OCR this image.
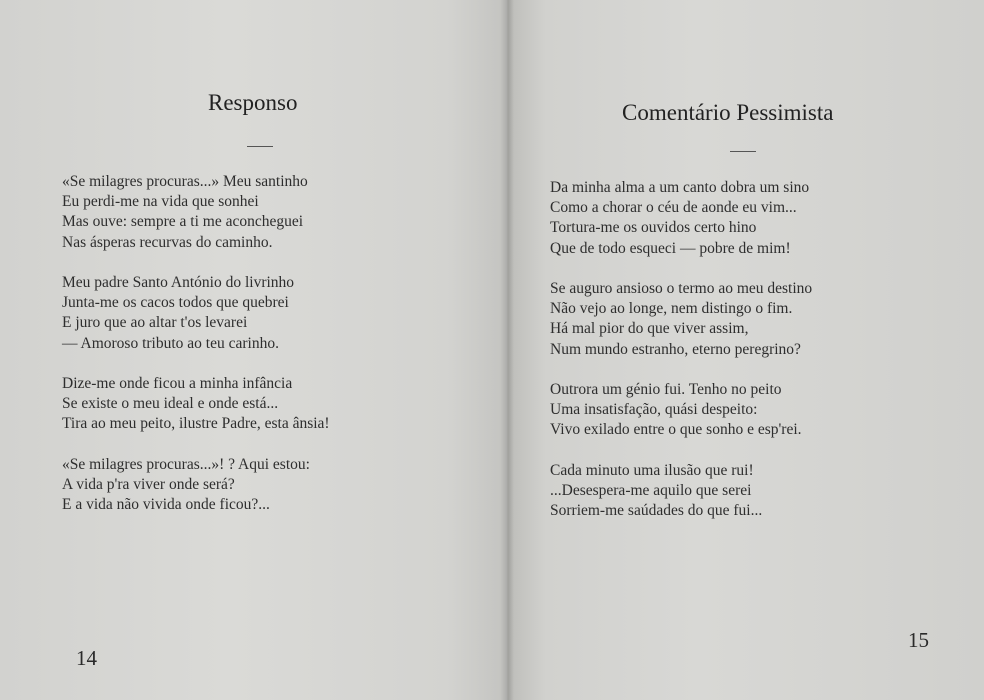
Responso

«Se milagres procuras...» Meu santinho
Eu perdi-me na vida que sonhei
Mas ouve: sempre a ti me aconcheguei
Nas ásperas recurvas do caminho.

Meu padre Santo António do livrinho
Junta-me os cacos todos que quebrei
E juro que ao altar t'os levarei
— Amoroso tributo ao teu carinho.

Dize-me onde ficou a minha infância
Se existe o meu ideal e onde está...
Tira ao meu peito, ilustre Padre, esta ânsia!

«Se milagres procuras...»! ? Aqui estou:
A vida p'ra viver onde será?
E a vida não vivida onde ficou?...

14
Comentário Pessimista

Da minha alma a um canto dobra um sino
Como a chorar o céu de aonde eu vim...
Tortura-me os ouvidos certo hino
Que de todo esqueci — pobre de mim!

Se auguro ansioso o termo ao meu destino
Não vejo ao longe, nem distingo o fim.
Há mal pior do que viver assim,
Num mundo estranho, eterno peregrino?

Outrora um génio fui. Tenho no peito
Uma insatisfação, quási despeito:
Vivo exilado entre o que sonho e esp'rei.

Cada minuto uma ilusão que rui!
...Desespera-me aquilo que serei
Sorriem-me saúdades do que fui...

15
